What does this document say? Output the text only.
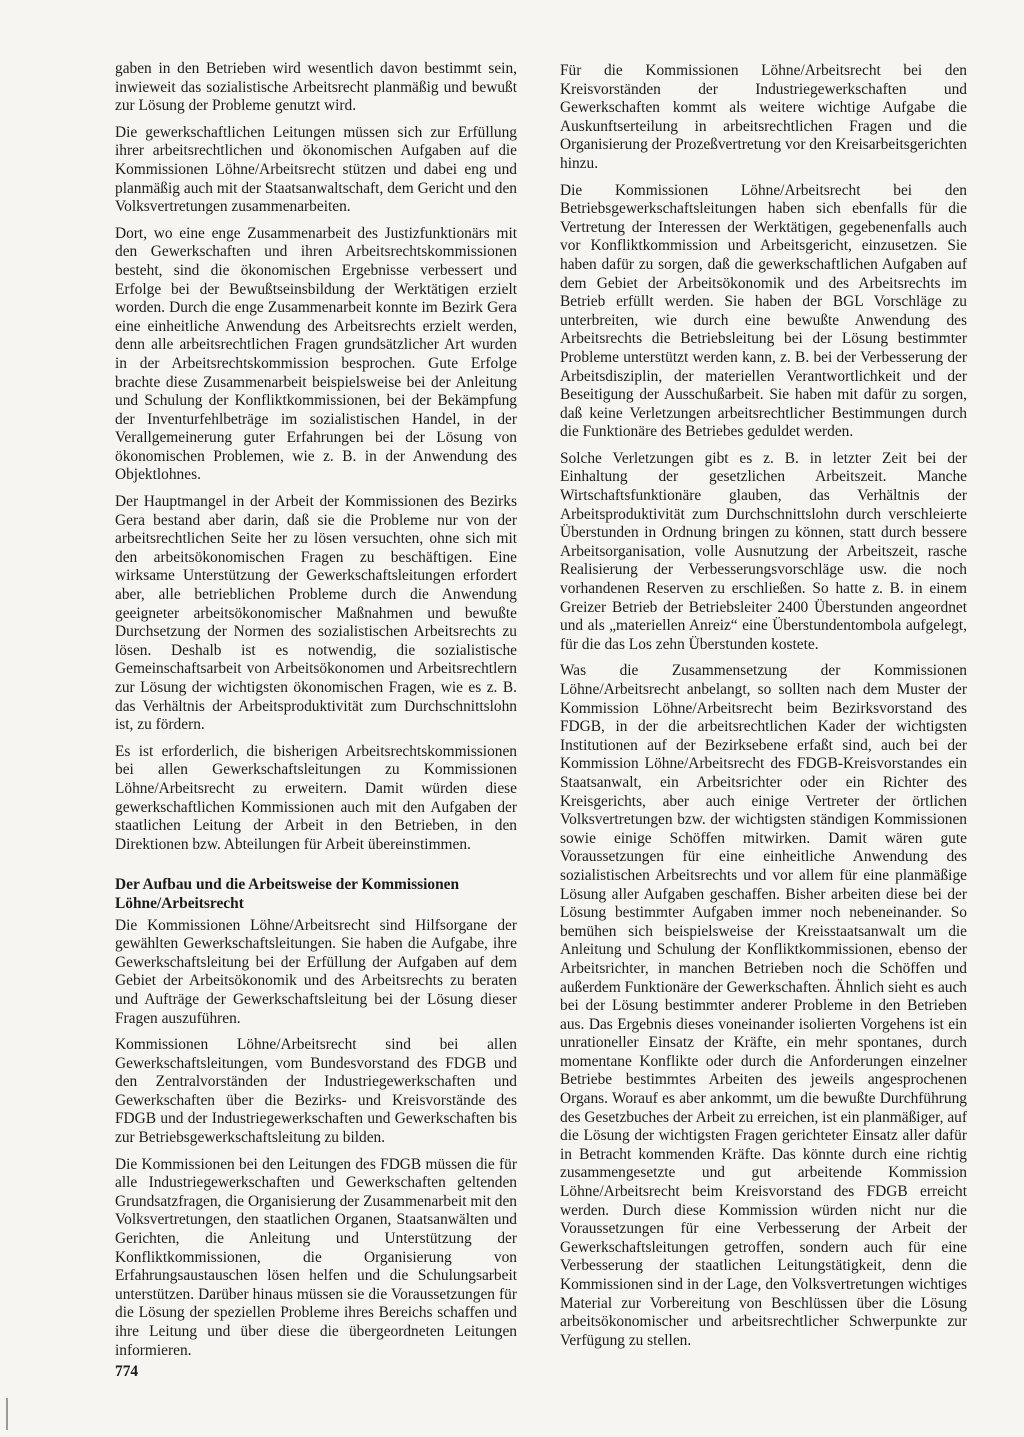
gaben in den Betrieben wird wesentlich davon bestimmt sein, inwieweit das sozialistische Arbeitsrecht planmäßig und bewußt zur Lösung der Probleme genutzt wird.

Die gewerkschaftlichen Leitungen müssen sich zur Erfüllung ihrer arbeitsrechtlichen und ökonomischen Aufgaben auf die Kommissionen Löhne/Arbeitsrecht stützen und dabei eng und planmäßig auch mit der Staatsanwaltschaft, dem Gericht und den Volksvertretungen zusammenarbeiten.

Dort, wo eine enge Zusammenarbeit des Justizfunktionärs mit den Gewerkschaften und ihren Arbeitsrechtskommissionen besteht, sind die ökonomischen Ergebnisse verbessert und Erfolge bei der Bewußtseinsbildung der Werktätigen erzielt worden. Durch die enge Zusammenarbeit konnte im Bezirk Gera eine einheitliche Anwendung des Arbeitsrechts erzielt werden, denn alle arbeitsrechtlichen Fragen grundsätzlicher Art wurden in der Arbeitsrechtskommission besprochen. Gute Erfolge brachte diese Zusammenarbeit beispielsweise bei der Anleitung und Schulung der Konfliktkommissionen, bei der Bekämpfung der Inventurfehlbeträge im sozialistischen Handel, in der Verallgemeinerung guter Erfahrungen bei der Lösung von ökonomischen Problemen, wie z. B. in der Anwendung des Objektlohnes.

Der Hauptmangel in der Arbeit der Kommissionen des Bezirks Gera bestand aber darin, daß sie die Probleme nur von der arbeitsrechtlichen Seite her zu lösen versuchten, ohne sich mit den arbeitsökonomischen Fragen zu beschäftigen. Eine wirksame Unterstützung der Gewerkschaftsleitungen erfordert aber, alle betrieblichen Probleme durch die Anwendung geeigneter arbeitsökonomischer Maßnahmen und bewußte Durchsetzung der Normen des sozialistischen Arbeitsrechts zu lösen. Deshalb ist es notwendig, die sozialistische Gemeinschaftsarbeit von Arbeitsökonomen und Arbeitsrechtlern zur Lösung der wichtigsten ökonomischen Fragen, wie es z. B. das Verhältnis der Arbeitsproduktivität zum Durchschnittslohn ist, zu fördern.

Es ist erforderlich, die bisherigen Arbeitsrechtskommissionen bei allen Gewerkschaftsleitungen zu Kommissionen Löhne/Arbeitsrecht zu erweitern. Damit würden diese gewerkschaftlichen Kommissionen auch mit den Aufgaben der staatlichen Leitung der Arbeit in den Betrieben, in den Direktionen bzw. Abteilungen für Arbeit übereinstimmen.

Der Aufbau und die Arbeitsweise der Kommissionen Löhne/Arbeitsrecht

Die Kommissionen Löhne/Arbeitsrecht sind Hilfsorgane der gewählten Gewerkschaftsleitungen. Sie haben die Aufgabe, ihre Gewerkschaftsleitung bei der Erfüllung der Aufgaben auf dem Gebiet der Arbeitsökonomik und des Arbeitsrechts zu beraten und Aufträge der Gewerkschaftsleitung bei der Lösung dieser Fragen auszuführen.

Kommissionen Löhne/Arbeitsrecht sind bei allen Gewerkschaftsleitungen, vom Bundesvorstand des FDGB und den Zentralvorständen der Industriegewerkschaften und Gewerkschaften über die Bezirks- und Kreisvorstände des FDGB und der Industriegewerkschaften und Gewerkschaften bis zur Betriebsgewerkschaftsleitung zu bilden.

Die Kommissionen bei den Leitungen des FDGB müssen die für alle Industriegewerkschaften und Gewerkschaften geltenden Grundsatzfragen, die Organisierung der Zusammenarbeit mit den Volksvertretungen, den staatlichen Organen, Staatsanwälten und Gerichten, die Anleitung und Unterstützung der Konfliktkommissionen, die Organisierung von Erfahrungsaustauschen lösen helfen und die Schulungsarbeit unterstützen. Darüber hinaus müssen sie die Voraussetzungen für die Lösung der speziellen Probleme ihres Bereichs schaffen und ihre Leitung und über diese die übergeordneten Leitungen informieren.

Für die Kommissionen Löhne/Arbeitsrecht bei den Kreisvorständen der Industriegewerkschaften und Gewerkschaften kommt als weitere wichtige Aufgabe die Auskunftserteilung in arbeitsrechtlichen Fragen und die Organisierung der Prozeßvertretung vor den Kreisarbeitsgerichten hinzu.

Die Kommissionen Löhne/Arbeitsrecht bei den Betriebsgewerkschaftsleitungen haben sich ebenfalls für die Vertretung der Interessen der Werktätigen, gegebenenfalls auch vor Konfliktkommission und Arbeitsgericht, einzusetzen. Sie haben dafür zu sorgen, daß die gewerkschaftlichen Aufgaben auf dem Gebiet der Arbeitsökonomik und des Arbeitsrechts im Betrieb erfüllt werden. Sie haben der BGL Vorschläge zu unterbreiten, wie durch eine bewußte Anwendung des Arbeitsrechts die Betriebsleitung bei der Lösung bestimmter Probleme unterstützt werden kann, z. B. bei der Verbesserung der Arbeitsdisziplin, der materiellen Verantwortlichkeit und der Beseitigung der Ausschußarbeit. Sie haben mit dafür zu sorgen, daß keine Verletzungen arbeitsrechtlicher Bestimmungen durch die Funktionäre des Betriebes geduldet werden.

Solche Verletzungen gibt es z. B. in letzter Zeit bei der Einhaltung der gesetzlichen Arbeitszeit. Manche Wirtschaftsfunktionäre glauben, das Verhältnis der Arbeitsproduktivität zum Durchschnittslohn durch verschleierte Überstunden in Ordnung bringen zu können, statt durch bessere Arbeitsorganisation, volle Ausnutzung der Arbeitszeit, rasche Realisierung der Verbesserungsvorschläge usw. die noch vorhandenen Reserven zu erschließen. So hatte z. B. in einem Greizer Betrieb der Betriebsleiter 2400 Überstunden angeordnet und als „materiellen Anreiz“ eine Überstundentombola aufgelegt, für die das Los zehn Überstunden kostete.

Was die Zusammensetzung der Kommissionen Löhne/Arbeitsrecht anbelangt, so sollten nach dem Muster der Kommission Löhne/Arbeitsrecht beim Bezirksvorstand des FDGB, in der die arbeitsrechtlichen Kader der wichtigsten Institutionen auf der Bezirksebene erfaßt sind, auch bei der Kommission Löhne/Arbeitsrecht des FDGB-Kreisvorstandes ein Staatsanwalt, ein Arbeitsrichter oder ein Richter des Kreisgerichts, aber auch einige Vertreter der örtlichen Volksvertretungen bzw. der wichtigsten ständigen Kommissionen sowie einige Schöffen mitwirken. Damit wären gute Voraussetzungen für eine einheitliche Anwendung des sozialistischen Arbeitsrechts und vor allem für eine planmäßige Lösung aller Aufgaben geschaffen. Bisher arbeiten diese bei der Lösung bestimmter Aufgaben immer noch nebeneinander. So bemühen sich beispielsweise der Kreisstaatsanwalt um die Anleitung und Schulung der Konfliktkommissionen, ebenso der Arbeitsrichter, in manchen Betrieben noch die Schöffen und außerdem Funktionäre der Gewerkschaften. Ähnlich sieht es auch bei der Lösung bestimmter anderer Probleme in den Betrieben aus. Das Ergebnis dieses voneinander isolierten Vorgehens ist ein unrationeller Einsatz der Kräfte, ein mehr spontanes, durch momentane Konflikte oder durch die Anforderungen einzelner Betriebe bestimmtes Arbeiten des jeweils angesprochenen Organs. Worauf es aber ankommt, um die bewußte Durchführung des Gesetzbuches der Arbeit zu erreichen, ist ein planmäßiger, auf die Lösung der wichtigsten Fragen gerichteter Einsatz aller dafür in Betracht kommenden Kräfte. Das könnte durch eine richtig zusammengesetzte und gut arbeitende Kommission Löhne/Arbeitsrecht beim Kreisvorstand des FDGB erreicht werden. Durch diese Kommission würden nicht nur die Voraussetzungen für eine Verbesserung der Arbeit der Gewerkschaftsleitungen getroffen, sondern auch für eine Verbesserung der staatlichen Leitungstätigkeit, denn die Kommissionen sind in der Lage, den Volksvertretungen wichtiges Material zur Vorbereitung von Beschlüssen über die Lösung arbeitsökonomischer und arbeitsrechtlicher Schwerpunkte zur Verfügung zu stellen.

774
